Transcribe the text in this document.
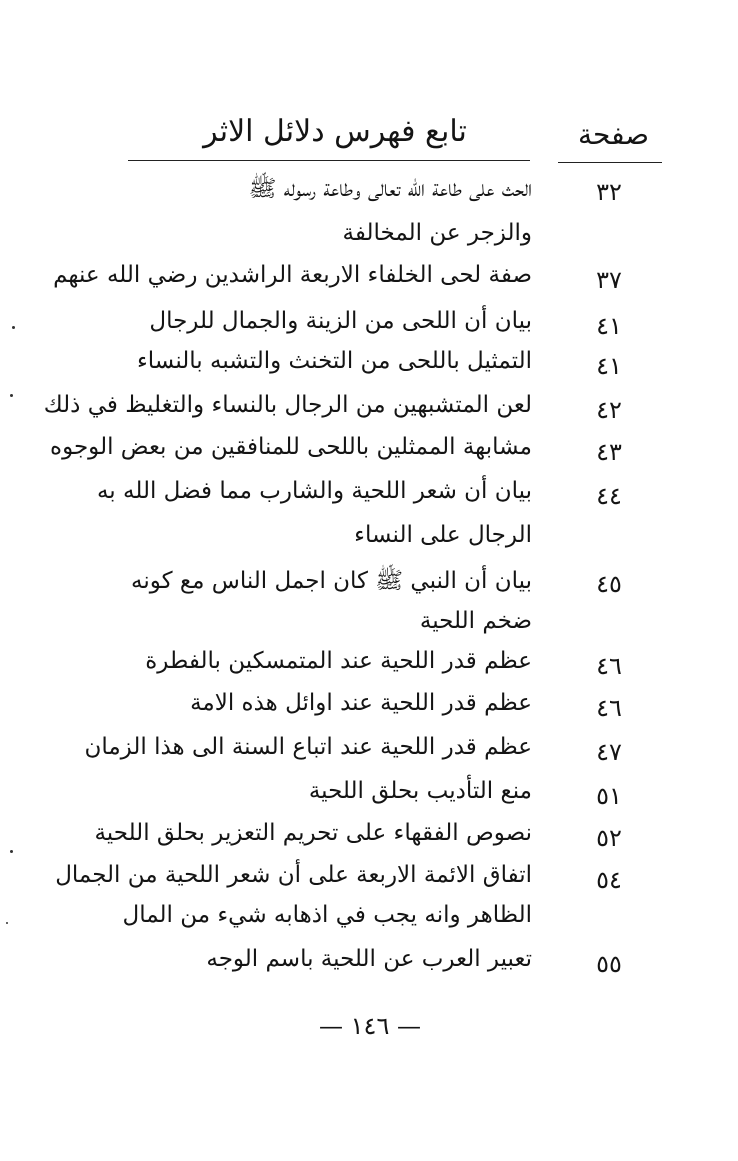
صفحة
تابع فهرس دلائل الاثر
٣٢
الحث على طاعة الله تعالى وطاعة رسوله ﷺ
والزجر عن المخالفة
٣٧
صفة لحى الخلفاء الاربعة الراشدين رضي الله عنهم
٤١
بيان أن اللحى من الزينة والجمال للرجال
٤١
التمثيل باللحى من التخنث والتشبه بالنساء
٤٢
لعن المتشبهين من الرجال بالنساء والتغليظ في ذلك
٤٣
مشابهة الممثلين باللحى للمنافقين من بعض الوجوه
٤٤
بيان أن شعر اللحية والشارب مما فضل الله به
الرجال على النساء
٤٥
بيان أن النبي ﷺ كان اجمل الناس مع كونه
ضخم اللحية
٤٦
عظم قدر اللحية عند المتمسكين بالفطرة
٤٦
عظم قدر اللحية عند اوائل هذه الامة
٤٧
عظم قدر اللحية عند اتباع السنة الى هذا الزمان
٥١
منع التأديب بحلق اللحية
٥٢
نصوص الفقهاء على تحريم التعزير بحلق اللحية
٥٤
اتفاق الائمة الاربعة على أن شعر اللحية من الجمال
الظاهر وانه يجب في اذهابه شيء من المال
٥٥
تعبير العرب عن اللحية باسم الوجه
— ١٤٦ —
